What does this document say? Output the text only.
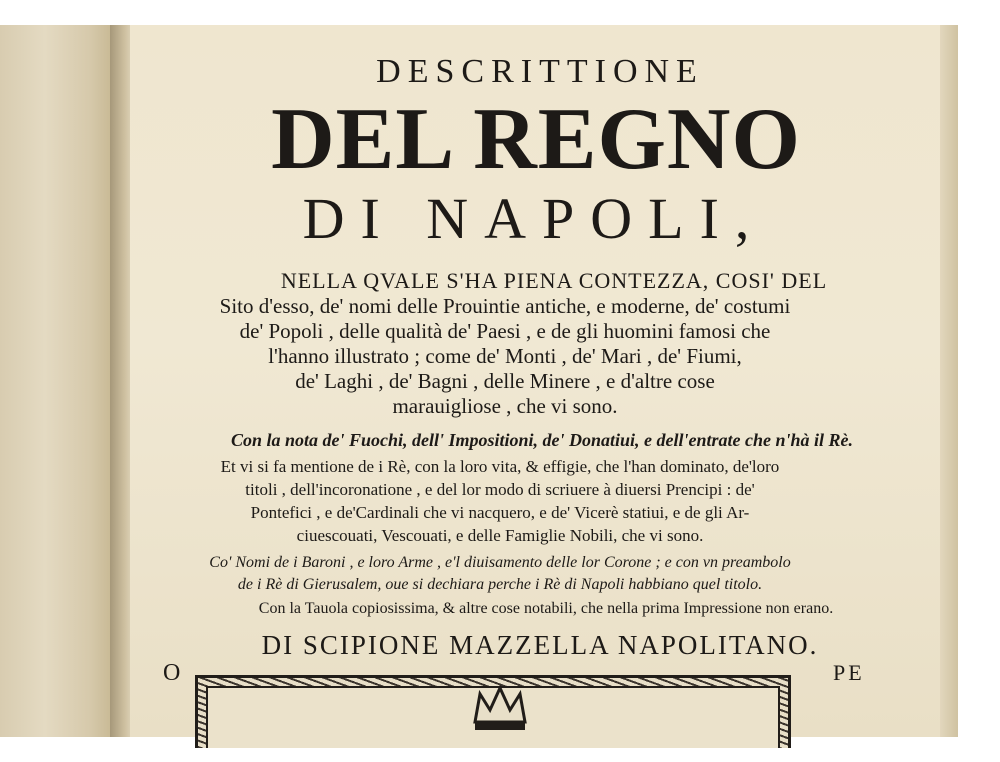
DESCRITTIONE
DEL REGNO
DI NAPOLI,
NELLA QVALE S'HA PIENA CONTEZZA, COSI' DEL
Sito d'esso, de' nomi delle Prouintie antiche, e moderne, de' costumi
de' Popoli , delle qualità de' Paesi , e de gli huomini famosi che
l'hanno illustrato ; come de' Monti , de' Mari , de' Fiumi,
de' Laghi , de' Bagni , delle Minere , e d'altre cose
marauigliose , che vi sono.
Con la nota de' Fuochi, dell' Impositioni, de' Donatiui, e dell'entrate che n'hà il Rè.
Et vi si fa mentione de i Rè, con la loro vita, & effigie, che l'han dominato, de'loro
titoli , dell'incoronatione , e del lor modo di scriuere à diuersi Prencipi : de'
Pontefici , e de'Cardinali che vi nacquero, e de' Vicerè statiui, e de gli Ar-
ciuescouati, Vescouati, e delle Famiglie Nobili, che vi sono.
Co' Nomi de i Baroni , e loro Arme , e'l diuisamento delle lor Corone ; e con vn preambolo
de i Rè di Gierusalem, oue si dechiara perche i Rè di Napoli habbiano quel titolo.
Con la Tauola copiosissima, & altre cose notabili, che nella prima Impressione non erano.
DI SCIPIONE MAZZELLA NAPOLITANO.
O	PE
